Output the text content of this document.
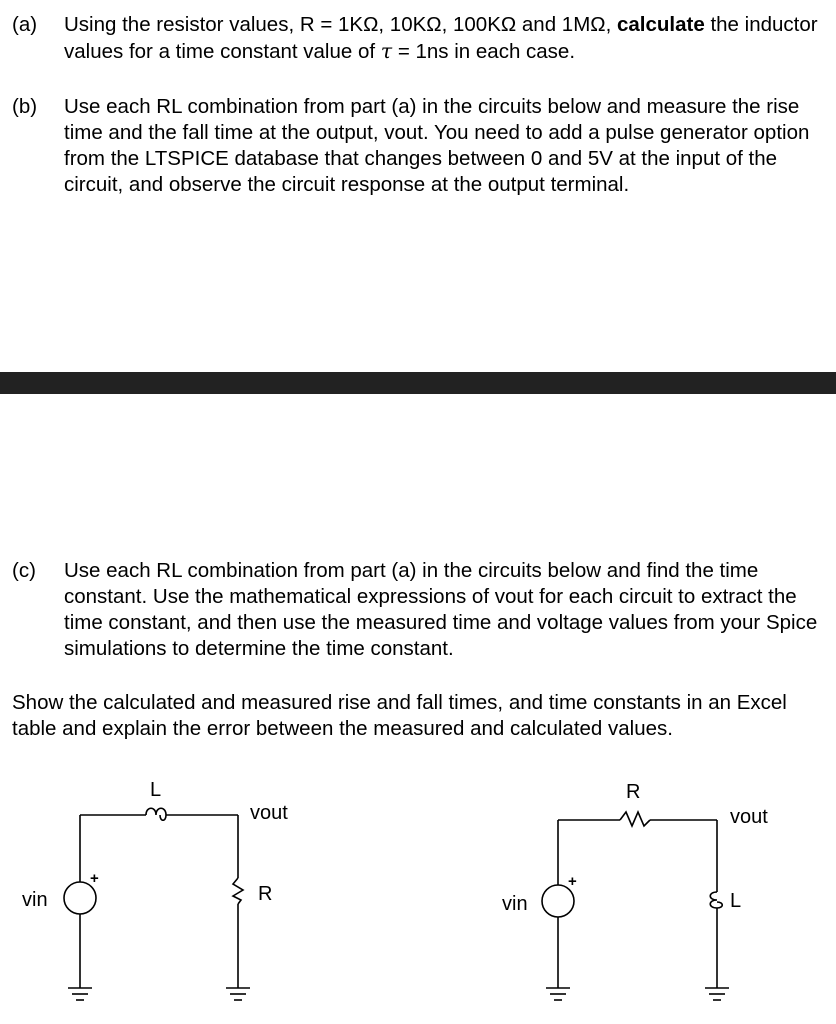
(a) Using the resistor values, R = 1KΩ, 10KΩ, 100KΩ and 1MΩ, calculate the inductor values for a time constant value of τ = 1ns in each case.
(b) Use each RL combination from part (a) in the circuits below and measure the rise time and the fall time at the output, vout. You need to add a pulse generator option from the LTSPICE database that changes between 0 and 5V at the input of the circuit, and observe the circuit response at the output terminal.
(c) Use each RL combination from part (a) in the circuits below and find the time constant. Use the mathematical expressions of vout for each circuit to extract the time constant, and then use the measured time and voltage values from your Spice simulations to determine the time constant.
Show the calculated and measured rise and fall times, and time constants in an Excel table and explain the error between the measured and calculated values.
+
vin
L
vout
R
+
vin
R
vout
L
